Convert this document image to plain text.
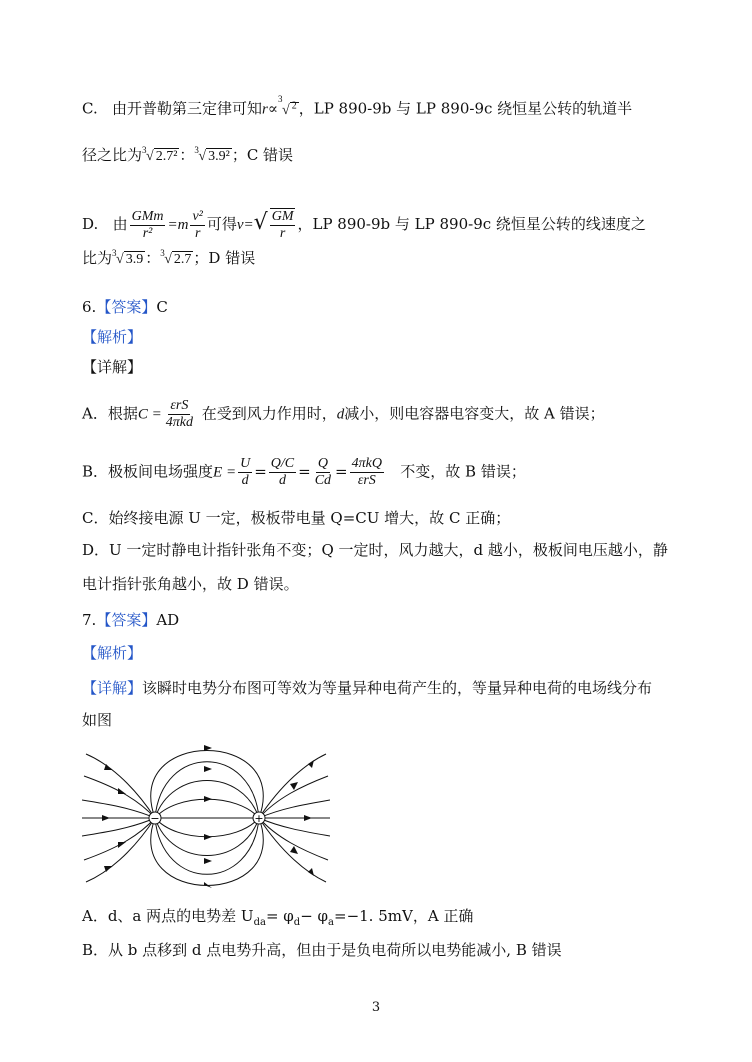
C. 由开普勒第三定律可知r∝
3
√ $^2$ ，LP 890-9b 与 LP 890-9c 绕恒星公转的轨道半
径之比为 3 √ 2.7² ： 3 √ 3.9² ；C 错误
D. 由 $\frac{\text{GMm}}{\text{r²}} =m \frac{\text{v²}}{r}$ 可得$v=√ \frac{GM}{r}$ ，LP 890-9b 与 LP 890-9c 绕恒星公转的线速度之
比为 3 √ 3.9 ： 3 √ 2.7 ；D 错误
6.【答案】C
【解析】
【详解】
A．根据$C = \frac{\text{εrS}}{\text{4πkd}}$ 在受到风力作用时，d减小，则电容器电容变大，故 A 错误；
B．极板间电场强度$E = \frac{U}{d} = \frac{Q/C}{d} = \frac{Q}{Cd} = \frac{\text{4πkQ}}{\text{εrS}}$ 不变，故 B 错误；
C．始终接电源 U 一定，极板带电量 Q=CU 增大，故 C 正确；
D．U 一定时静电计指针张角不变；Q 一定时，风力越大，d 越小，极板间电压越小，静
电计指针张角越小，故 D 错误。
7.【答案】AD
【解析】
【详解】该瞬时电势分布图可等效为等量异种电荷产生的，等量异种电荷的电场线分布
如图
−	+
A．d、a 两点的电势差 $U_{da}= \varphi_d- \varphi_a=-1$. 5mV，A 正确
B．从 b 点移到 d 点电势升高，但由于是负电荷所以电势能减小, B 错误
3
